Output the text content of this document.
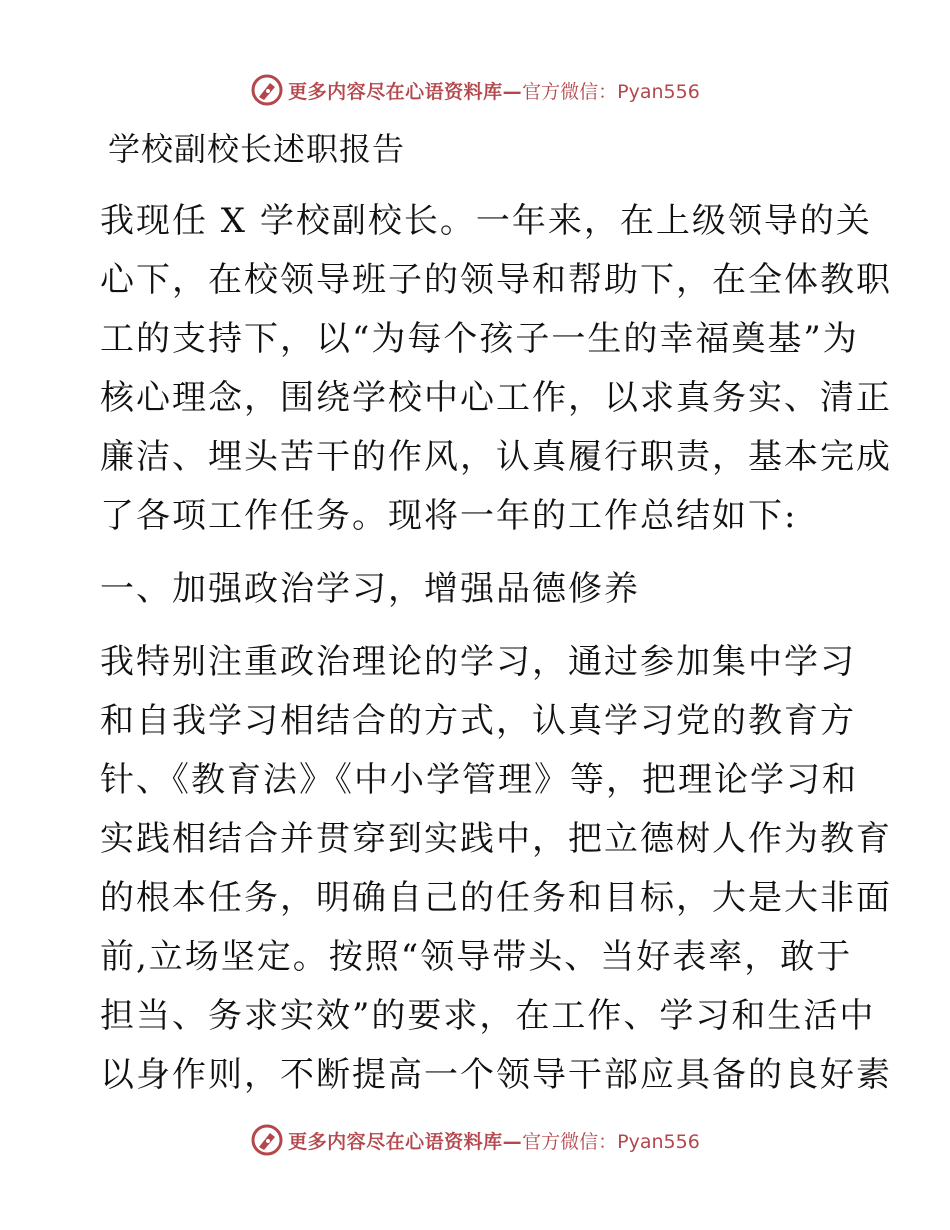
更多内容尽在心语资料库— 官方微信：Pyan556
学校副校长述职报告
我现任 X 学校副校长。一年来，在上级领导的关
心下，在校领导班子的领导和帮助下，在全体教职
工的支持下，以“为每个孩子一生的幸福奠基”为
核心理念，围绕学校中心工作，以求真务实、清正
廉洁、埋头苦干的作风，认真履行职责，基本完成
了各项工作任务。现将一年的工作总结如下:
一、加强政治学习，增强品德修养
我特别注重政治理论的学习，通过参加集中学习
和自我学习相结合的方式，认真学习党的教育方
针、《教育法》《中小学管理》等，把理论学习和
实践相结合并贯穿到实践中，把立德树人作为教育
的根本任务，明确自己的任务和目标，大是大非面
前,立场坚定。按照“领导带头、当好表率，敢于
担当、务求实效”的要求，在工作、学习和生活中
以身作则，不断提高一个领导干部应具备的良好素
更多内容尽在心语资料库— 官方微信：Pyan556
